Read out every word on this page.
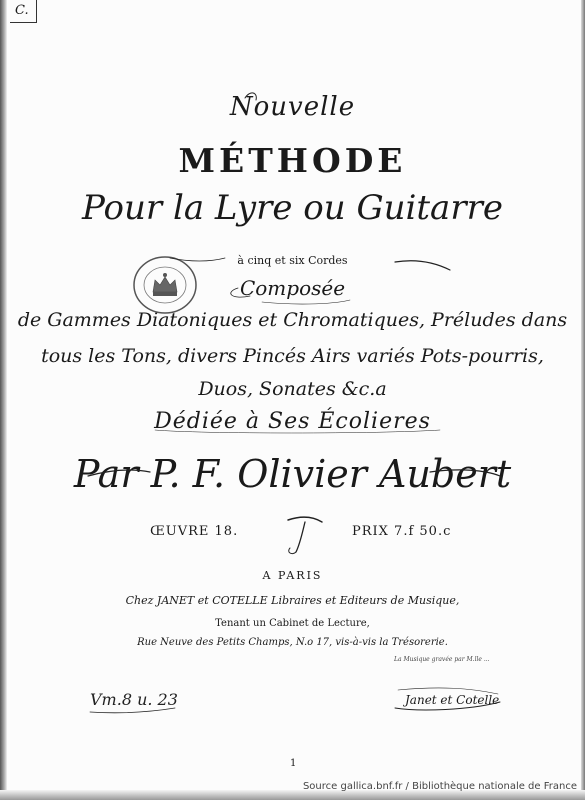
C.
Nouvelle
MÉTHODE
Pour la Lyre ou Guitarre
à cinq et six Cordes
Composée
de Gammes Diatoniques et Chromatiques, Préludes dans
tous les Tons, divers Pincés Airs variés Pots-pourris,
Duos, Sonates &c.a
Dédiée à Ses Écolieres
Par P. F. Olivier Aubert
ŒUVRE 18.	PRIX 7.f 50.c
A PARIS
Chez JANET et COTELLE Libraires et Editeurs de Musique,
Tenant un Cabinet de Lecture,
Rue Neuve des Petits Champs, N.o 17, vis-à-vis la Trésorerie.
La Musique gravée par M.lle ...
Vm.8 u. 23	Janet et Cotelle
1
Source gallica.bnf.fr / Bibliothèque nationale de France
